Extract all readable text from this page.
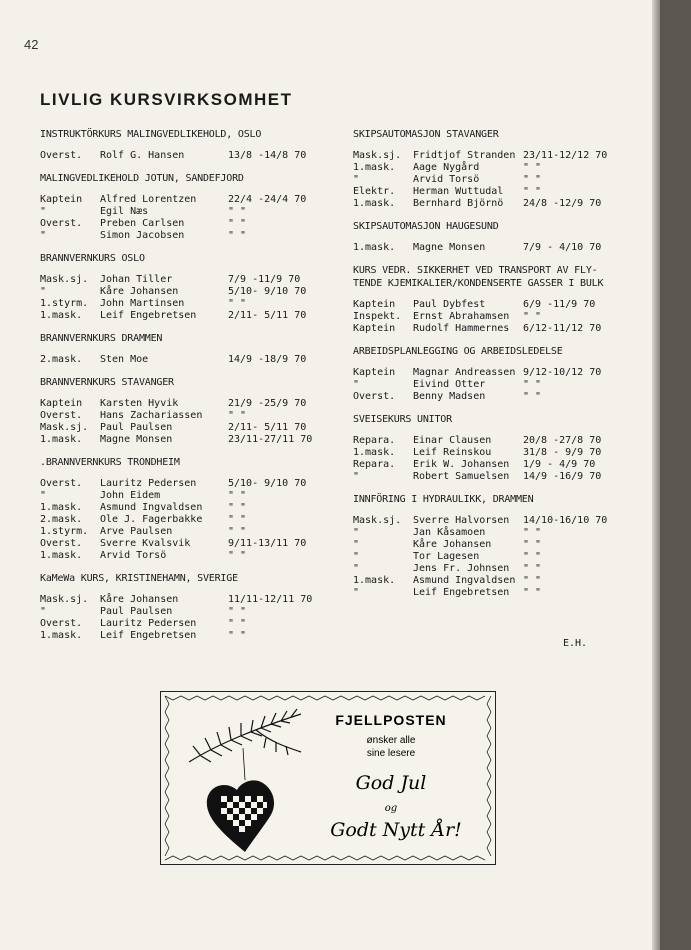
42
LIVLIG KURSVIRKSOMHET
INSTRUKTÖRKURS MALINGVEDLIKEHOLD, OSLO
Overst. Rolf G. Hansen	13/8 -14/8 70
MALINGVEDLIKEHOLD JOTUN, SANDEFJORD
Kaptein Alfred Lorentzen	22/4 -24/4 70
"	Egil Næs	" "
Overst. Preben Carlsen	" "
"	Simon Jacobsen	" "
BRANNVERNKURS OSLO
Mask.sj. Johan Tiller	7/9 -11/9 70
"	Kåre Johansen	5/10- 9/10 70
1.styrm. John Martinsen	" "
1.mask. Leif Engebretsen	2/11- 5/11 70
BRANNVERNKURS DRAMMEN
2.mask. Sten Moe	14/9 -18/9 70
BRANNVERNKURS STAVANGER
Kaptein Karsten Hyvik	21/9 -25/9 70
Overst. Hans Zachariassen	" "
Mask.sj. Paul Paulsen	2/11- 5/11 70
1.mask. Magne Monsen	23/11-27/11 70
.BRANNVERNKURS TRONDHEIM
Overst. Lauritz Pedersen	5/10- 9/10 70
"	John Eidem	" "
1.mask. Asmund Ingvaldsen	" "
2.mask. Ole J. Fagerbakke	" "
1.styrm. Arve Paulsen	" "
Overst. Sverre Kvalsvik	9/11-13/11 70
1.mask. Arvid Torsö	" "
KaMeWa KURS, KRISTINEHAMN, SVERIGE
Mask.sj. Kåre Johansen	11/11-12/11 70
"	Paul Paulsen	" "
Overst. Lauritz Pedersen	" "
1.mask. Leif Engebretsen	" "
SKIPSAUTOMASJON STAVANGER
Mask.sj. Fridtjof Stranden 23/11-12/12 70
1.mask. Aage Nygård	" "
"	Arvid Torsö	" "
Elektr. Herman Wuttudal " "
1.mask. Bernhard Björnö 24/8 -12/9 70
SKIPSAUTOMASJON HAUGESUND
1.mask. Magne Monsen	7/9 - 4/10 70
KURS VEDR. SIKKERHET VED TRANSPORT AV FLY-
TENDE KJEMIKALIER/KONDENSERTE GASSER I BULK
Kaptein Paul Dybfest	6/9 -11/9 70
Inspekt. Ernst Abrahamsen " "
Kaptein Rudolf Hammernes 6/12-11/12 70
ARBEIDSPLANLEGGING OG ARBEIDSLEDELSE
Kaptein Magnar Andreassen 9/12-10/12 70
"	Eivind Otter	" "
Overst. Benny Madsen	" "
SVEISEKURS UNITOR
Repara. Einar Clausen	20/8 -27/8 70
1.mask. Leif Reinskou	31/8 - 9/9 70
Repara. Erik W. Johansen 1/9 - 4/9 70
"	Robert Samuelsen 14/9 -16/9 70
INNFÖRING I HYDRAULIKK, DRAMMEN
Mask.sj. Sverre Halvorsen 14/10-16/10 70
"	Jan Kåsamoen	" "
"	Kåre Johansen	" "
"	Tor Lagesen	" "
"	Jens Fr. Johnsen " "
1.mask. Asmund Ingvaldsen " "
"	Leif Engebretsen " "
E.H.
FJELLPOSTEN
ønsker alle
sine lesere
God Jul
og
Godt Nytt År!
